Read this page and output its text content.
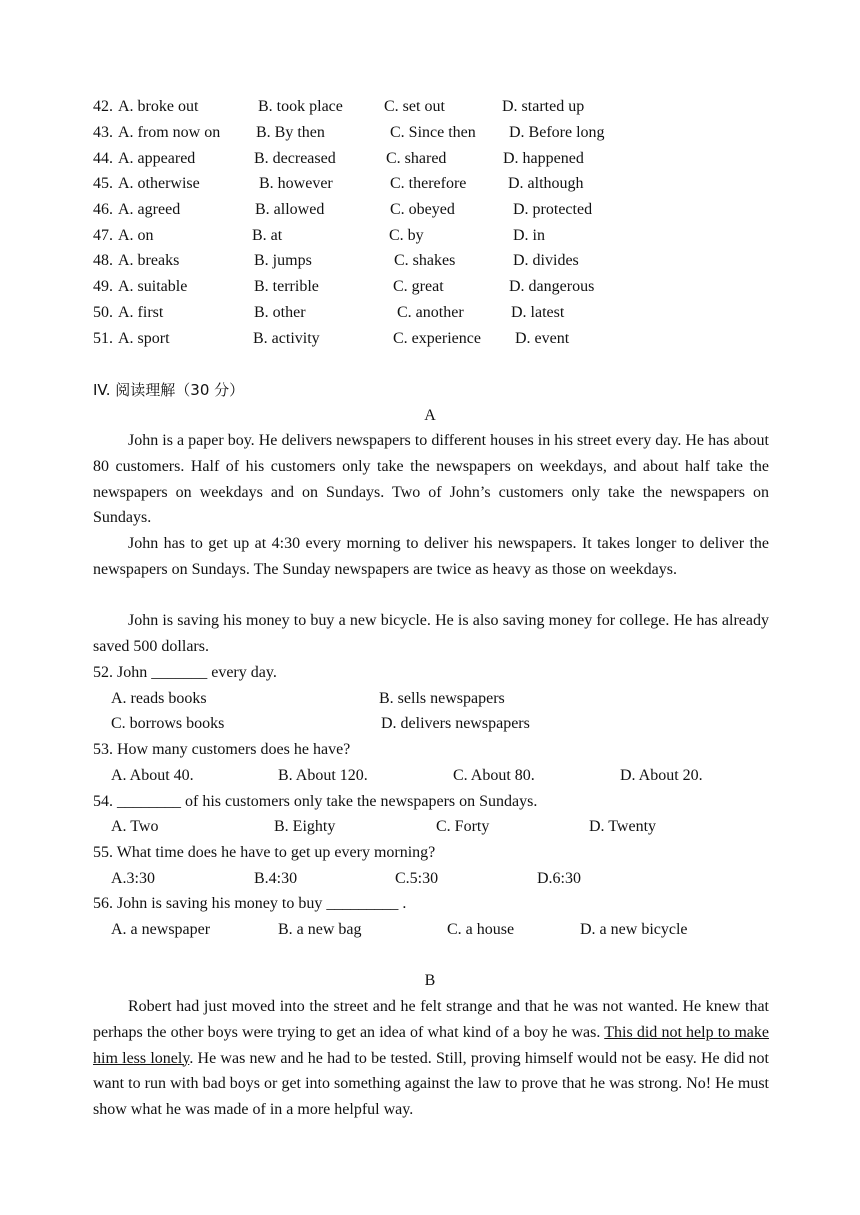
42. A. broke out	B. took place	C. set out	D. started up
43. A. from now on B. By then	C. Since then D. Before long
44. A. appeared	B. decreased	C. shared	D. happened
45. A. otherwise	B. however	C. therefore	D. although
46. A. agreed	B. allowed	C. obeyed	D. protected
47. A. on	B. at	C. by	D. in
48. A. breaks	B. jumps	C. shakes	D. divides
49. A. suitable	B. terrible	C. great	D. dangerous
50. A. first	B. other	C. another	D. latest
51. A. sport	B. activity	C. experience D. event
IV. 阅读理解（30 分）
A

John is a paper boy. He delivers newspapers to different houses in his street every day. He has about 80 customers. Half of his customers only take the newspapers on weekdays, and about half take the newspapers on weekdays and on Sundays. Two of John’s customers only take the newspapers on Sundays.

John has to get up at 4:30 every morning to deliver his newspapers. It takes longer to deliver the newspapers on Sundays. The Sunday newspapers are twice as heavy as those on weekdays.

John is saving his money to buy a new bicycle. He is also saving money for college. He has already saved 500 dollars.

52. John _______ every day.
A. reads books	B. sells newspapers
C. borrows books	D. delivers newspapers
53. How many customers does he have?
A. About 40.	B. About 120.	C. About 80.	D. About 20.
54. ________ of his customers only take the newspapers on Sundays.
A. Two	B. Eighty	C. Forty	D. Twenty
55. What time does he have to get up every morning?
A.3:30	B.4:30	C.5:30	D.6:30
56. John is saving his money to buy _________ .
A. a newspaper	B. a new bag	C. a house	D. a new bicycle
B

Robert had just moved into the street and he felt strange and that he was not wanted. He knew that perhaps the other boys were trying to get an idea of what kind of a boy he was. This did not help to make him less lonely. He was new and he had to be tested. Still, proving himself would not be easy. He did not want to run with bad boys or get into something against the law to prove that he was strong. No! He must show what he was made of in a more helpful way.
